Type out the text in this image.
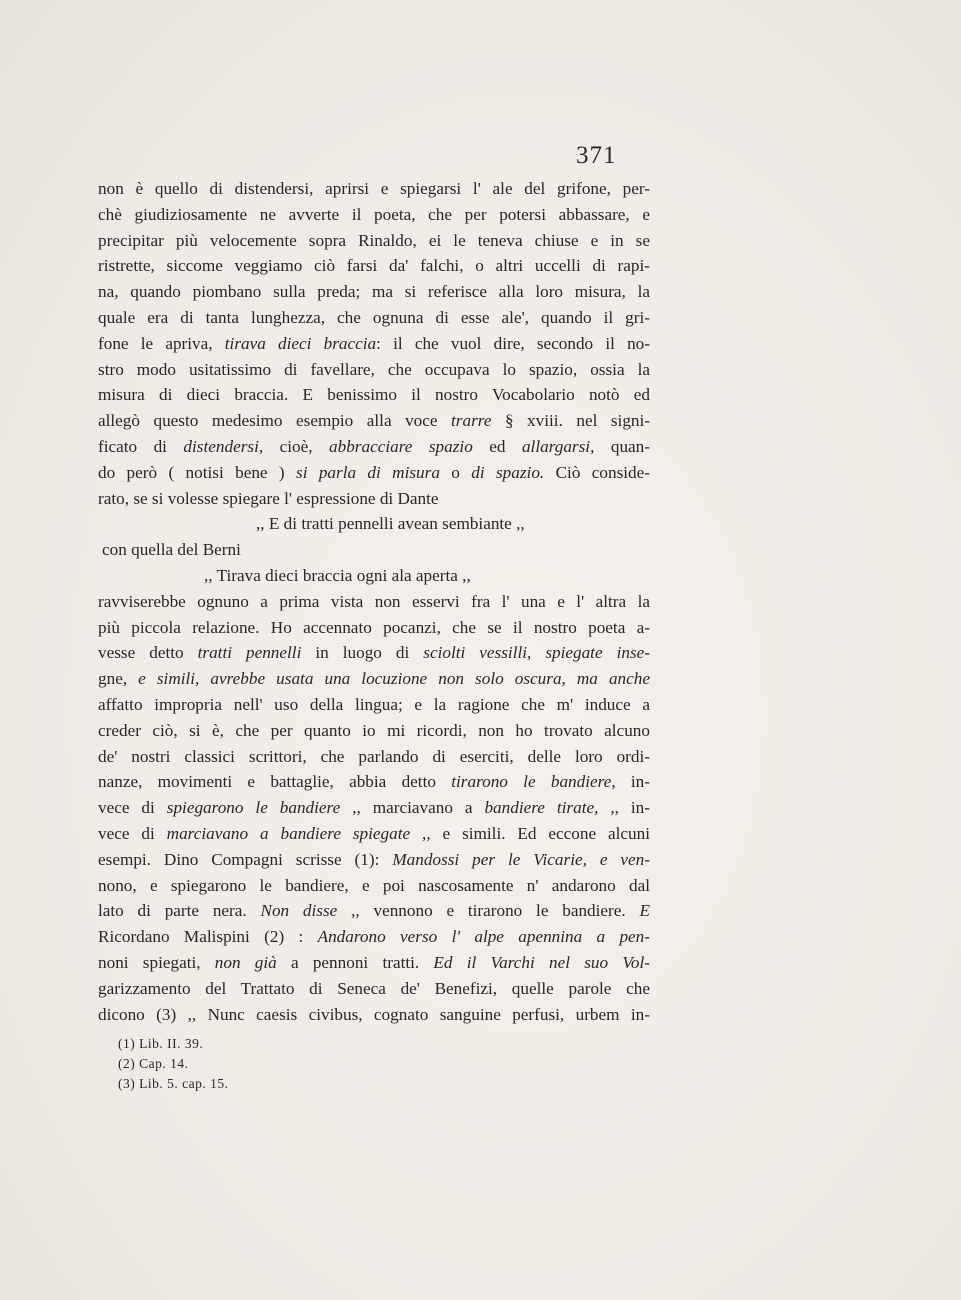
371
non è quello di distendersi, aprirsi e spiegarsi l' ale del grifone, per-
chè giudiziosamente ne avverte il poeta, che per potersi abbassare, e
precipitar più velocemente sopra Rinaldo, ei le teneva chiuse e in se
ristrette, siccome veggiamo ciò farsi da' falchi, o altri uccelli di rapi-
na, quando piombano sulla preda; ma si referisce alla loro misura, la
quale era di tanta lunghezza, che ognuna di esse ale', quando il gri-
fone le apriva, tirava dieci braccia: il che vuol dire, secondo il no-
stro modo usitatissimo di favellare, che occupava lo spazio, ossia la
misura di dieci braccia. E benissimo il nostro Vocabolario notò ed
allegò questo medesimo esempio alla voce trarre § xviii. nel signi-
ficato di distendersi, cioè, abbracciare spazio ed allargarsi, quan-
do però ( notisi bene ) si parla di misura o di spazio. Ciò conside-
rato, se si volesse spiegare l' espressione di Dante
,, E di tratti pennelli avean sembiante ,,
con quella del Berni
,, Tirava dieci braccia ogni ala aperta ,,
ravviserebbe ognuno a prima vista non esservi fra l' una e l' altra la
più piccola relazione. Ho accennato pocanzi, che se il nostro poeta a-
vesse detto tratti pennelli in luogo di sciolti vessilli, spiegate inse-
gne, e simili, avrebbe usata una locuzione non solo oscura, ma anche
affatto impropria nell' uso della lingua; e la ragione che m' induce a
creder ciò, si è, che per quanto io mi ricordi, non ho trovato alcuno
de' nostri classici scrittori, che parlando di eserciti, delle loro ordi-
nanze, movimenti e battaglie, abbia detto tirarono le bandiere, in-
vece di spiegarono le bandiere ,, marciavano a bandiere tirate, ,, in-
vece di marciavano a bandiere spiegate ,, e simili. Ed eccone alcuni
esempi. Dino Compagni scrisse (1): Mandossi per le Vicarie, e ven-
nono, e spiegarono le bandiere, e poi nascosamente n' andarono dal
lato di parte nera. Non disse ,, vennono e tirarono le bandiere. E
Ricordano Malispini (2) : Andarono verso l' alpe apennina a pen-
noni spiegati, non già a pennoni tratti. Ed il Varchi nel suo Vol-
garizzamento del Trattato di Seneca de' Benefizi, quelle parole che
dicono (3) ,, Nunc caesis civibus, cognato sanguine perfusi, urbem in-
(1) Lib. II. 39.
(2) Cap. 14.
(3) Lib. 5. cap. 15.
